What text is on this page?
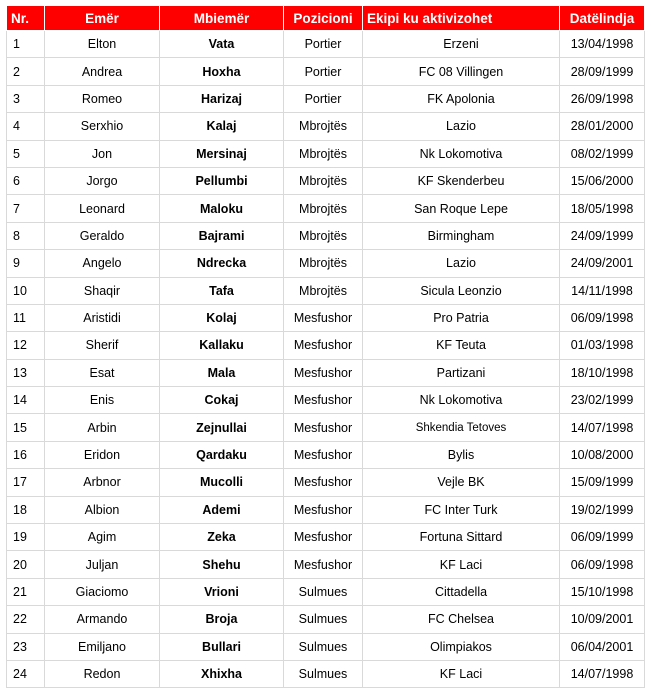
Nr.	Emër	Mbiemër	Pozicioni	Ekipi ku aktivizohet	Datëlindja
1	Elton	Vata	Portier	Erzeni	13/04/1998
2	Andrea	Hoxha	Portier	FC 08 Villingen	28/09/1999
3	Romeo	Harizaj	Portier	FK Apolonia	26/09/1998
4	Serxhio	Kalaj	Mbrojtës	Lazio	28/01/2000
5	Jon	Mersinaj	Mbrojtës	Nk Lokomotiva	08/02/1999
6	Jorgo	Pellumbi	Mbrojtës	KF Skenderbeu	15/06/2000
7	Leonard	Maloku	Mbrojtës	San Roque Lepe	18/05/1998
8	Geraldo	Bajrami	Mbrojtës	Birmingham	24/09/1999
9	Angelo	Ndrecka	Mbrojtës	Lazio	24/09/2001
10	Shaqir	Tafa	Mbrojtës	Sicula Leonzio	14/11/1998
11	Aristidi	Kolaj	Mesfushor	Pro Patria	06/09/1998
12	Sherif	Kallaku	Mesfushor	KF Teuta	01/03/1998
13	Esat	Mala	Mesfushor	Partizani	18/10/1998
14	Enis	Cokaj	Mesfushor	Nk Lokomotiva	23/02/1999
15	Arbin	Zejnullai	Mesfushor	Shkendia Tetoves	14/07/1998
16	Eridon	Qardaku	Mesfushor	Bylis	10/08/2000
17	Arbnor	Mucolli	Mesfushor	Vejle BK	15/09/1999
18	Albion	Ademi	Mesfushor	FC Inter Turk	19/02/1999
19	Agim	Zeka	Mesfushor	Fortuna Sittard	06/09/1999
20	Juljan	Shehu	Mesfushor	KF Laci	06/09/1998
21	Giaciomo	Vrioni	Sulmues	Cittadella	15/10/1998
22	Armando	Broja	Sulmues	FC Chelsea	10/09/2001
23	Emiljano	Bullari	Sulmues	Olimpiakos	06/04/2001
24	Redon	Xhixha	Sulmues	KF Laci	14/07/1998
